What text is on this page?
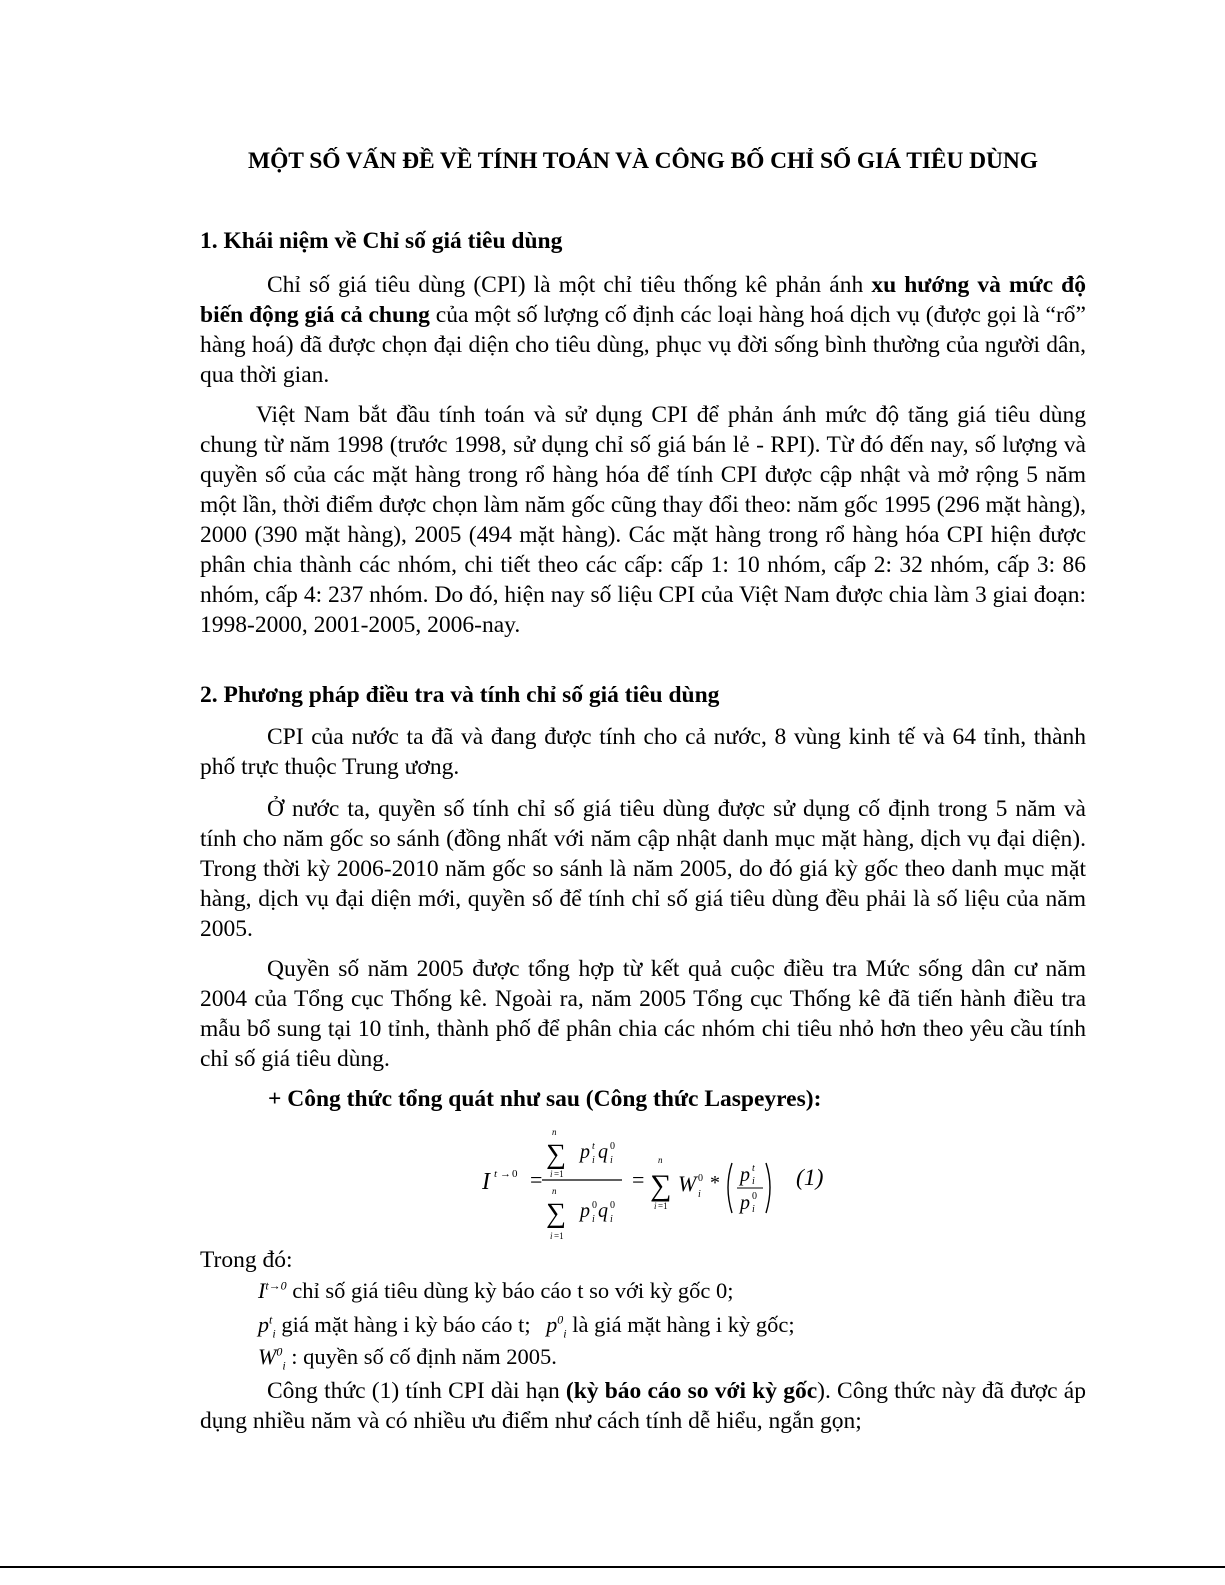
MỘT SỐ VẤN ĐỀ VỀ TÍNH TOÁN VÀ CÔNG BỐ CHỈ SỐ GIÁ TIÊU DÙNG
1. Khái niệm về Chỉ số giá tiêu dùng

Chỉ số giá tiêu dùng (CPI) là một chỉ tiêu thống kê phản ánh xu hướng và mức độ biến động giá cả chung của một số lượng cố định các loại hàng hoá dịch vụ (được gọi là “rổ” hàng hoá) đã được chọn đại diện cho tiêu dùng, phục vụ đời sống bình thường của người dân, qua thời gian.

Việt Nam bắt đầu tính toán và sử dụng CPI để phản ánh mức độ tăng giá tiêu dùng chung từ năm 1998 (trước 1998, sử dụng chỉ số giá bán lẻ - RPI). Từ đó đến nay, số lượng và quyền số của các mặt hàng trong rổ hàng hóa để tính CPI được cập nhật và mở rộng 5 năm một lần, thời điểm được chọn làm năm gốc cũng thay đổi theo: năm gốc 1995 (296 mặt hàng), 2000 (390 mặt hàng), 2005 (494 mặt hàng). Các mặt hàng trong rổ hàng hóa CPI hiện được phân chia thành các nhóm, chi tiết theo các cấp: cấp 1: 10 nhóm, cấp 2: 32 nhóm, cấp 3: 86 nhóm, cấp 4: 237 nhóm. Do đó, hiện nay số liệu CPI của Việt Nam được chia làm 3 giai đoạn: 1998-2000, 2001-2005, 2006-nay.

2. Phương pháp điều tra và tính chỉ số giá tiêu dùng

CPI của nước ta đã và đang được tính cho cả nước, 8 vùng kinh tế và 64 tỉnh, thành phố trực thuộc Trung ương.

Ở nước ta, quyền số tính chỉ số giá tiêu dùng được sử dụng cố định trong 5 năm và tính cho năm gốc so sánh (đồng nhất với năm cập nhật danh mục mặt hàng, dịch vụ đại diện). Trong thời kỳ 2006-2010 năm gốc so sánh là năm 2005, do đó giá kỳ gốc theo danh mục mặt hàng, dịch vụ đại diện mới, quyền số để tính chỉ số giá tiêu dùng đều phải là số liệu của năm 2005.

Quyền số năm 2005 được tổng hợp từ kết quả cuộc điều tra Mức sống dân cư năm 2004 của Tổng cục Thống kê. Ngoài ra, năm 2005 Tổng cục Thống kê đã tiến hành điều tra mẫu bổ sung tại 10 tỉnh, thành phố để phân chia các nhóm chi tiêu nhỏ hơn theo yêu cầu tính chỉ số giá tiêu dùng.

+ Công thức tổng quát như sau (Công thức Laspeyres):
I t → 0 =
n
∑
i =1
p t
i q 0
i
n
∑
i =1
p 0
i q 0
i
=
n
∑
i =1
W 0
i
* p t
i
p 0
i
(1)
Trong đó:
$I^{t\to 0}$ chỉ số giá tiêu dùng kỳ báo cáo t so với kỳ gốc 0;
$p^t_i$ giá mặt hàng i kỳ báo cáo t; $p^0_i$ là giá mặt hàng i kỳ gốc;
$W^0_i$ : quyền số cố định năm 2005.

Công thức (1) tính CPI dài hạn (kỳ báo cáo so với kỳ gốc). Công thức này đã được áp dụng nhiều năm và có nhiều ưu điểm như cách tính dễ hiểu, ngắn gọn;
